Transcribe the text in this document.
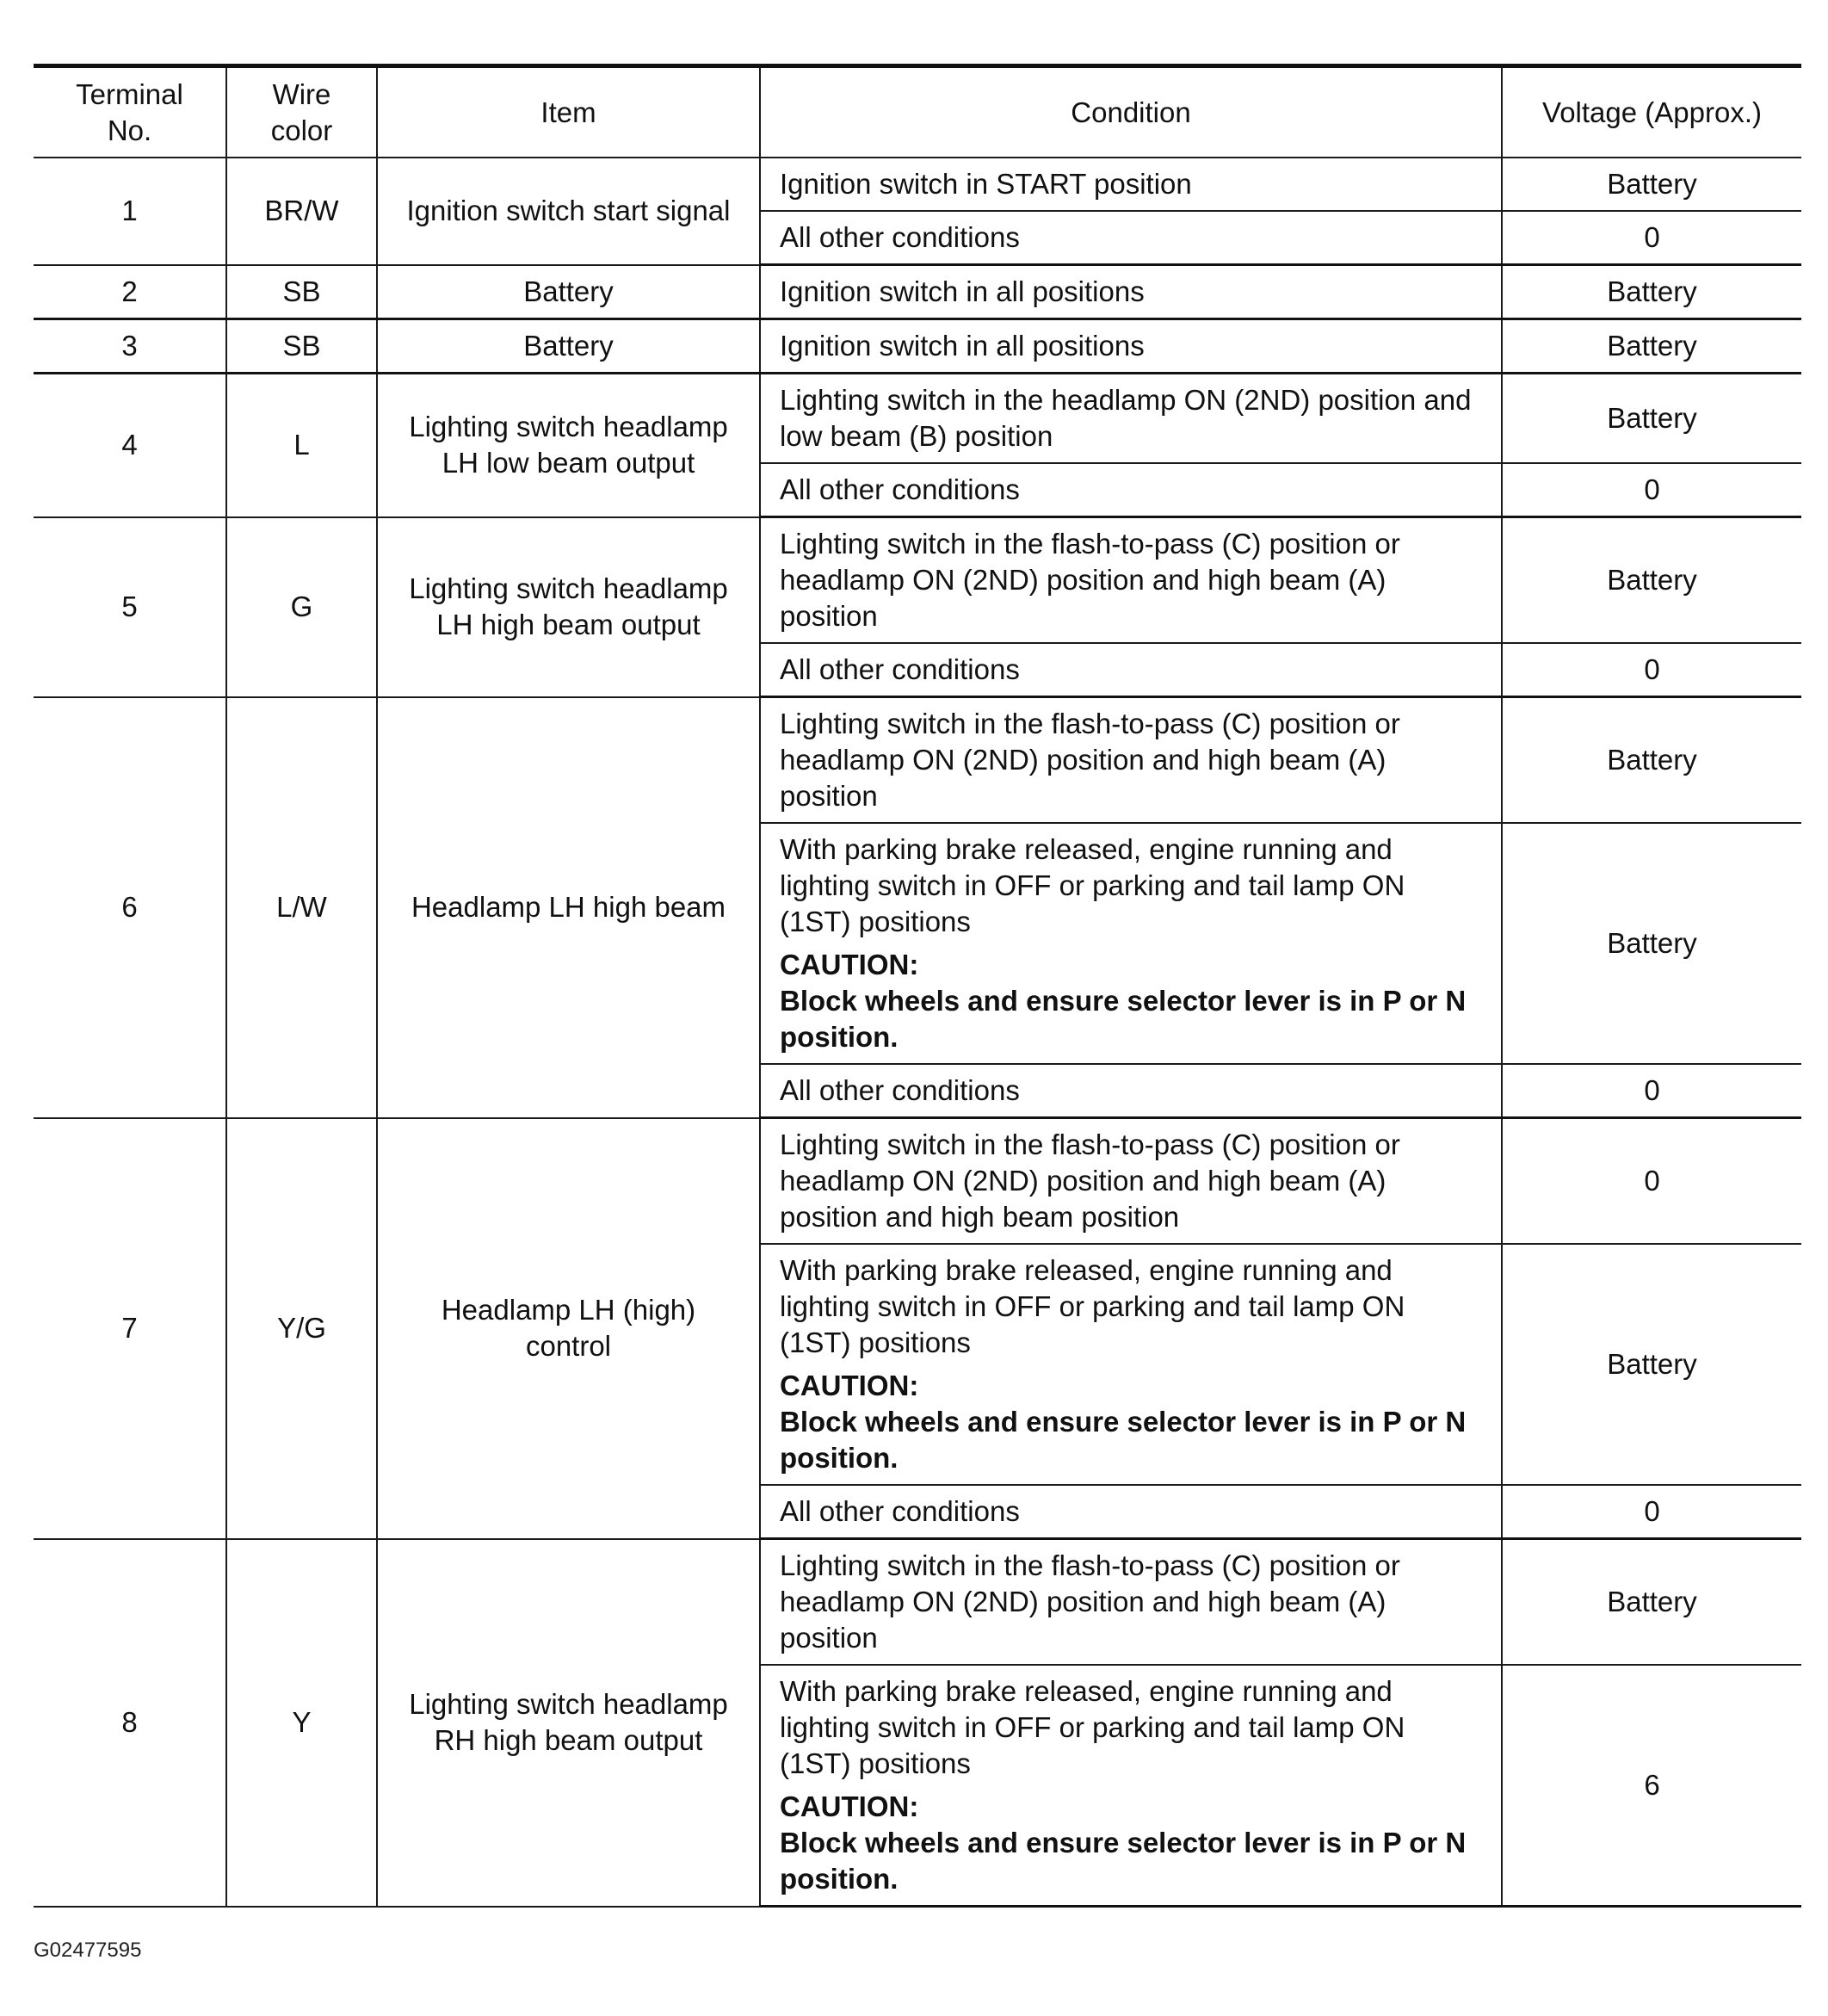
Terminal No.	Wire color	Item	Condition	Voltage (Approx.)
1	BR/W	Ignition switch start signal	Ignition switch in START position	Battery

			All other conditions	0
2	SB	Battery	Ignition switch in all positions	Battery
3	SB	Battery	Ignition switch in all positions	Battery
4	L	Lighting switch headlamp LH low beam output	Lighting switch in the headlamp ON (2ND) position and low beam (B) position	Battery

			All other conditions	0
5	G	Lighting switch headlamp LH high beam output	Lighting switch in the flash-to-pass (C) position or headlamp ON (2ND) position and high beam (A) position	Battery

			All other conditions	0
6	L/W	Headlamp LH high beam	Lighting switch in the flash-to-pass (C) position or headlamp ON (2ND) position and high beam (A) position	Battery

			With parking brake released, engine running and lighting switch in OFF or parking and tail lamp ON (1ST) positions
CAUTION:
Block wheels and ensure selector lever is in P or N position.	Battery

			All other conditions	0
7	Y/G	Headlamp LH (high) control	Lighting switch in the flash-to-pass (C) position or headlamp ON (2ND) position and high beam (A) position and high beam position	0

			With parking brake released, engine running and lighting switch in OFF or parking and tail lamp ON (1ST) positions
CAUTION:
Block wheels and ensure selector lever is in P or N position.	Battery

			All other conditions	0
8	Y	Lighting switch headlamp RH high beam output	Lighting switch in the flash-to-pass (C) position or headlamp ON (2ND) position and high beam (A) position	Battery

			With parking brake released, engine running and lighting switch in OFF or parking and tail lamp ON (1ST) positions
CAUTION:
Block wheels and ensure selector lever is in P or N position.	6
G02477595
